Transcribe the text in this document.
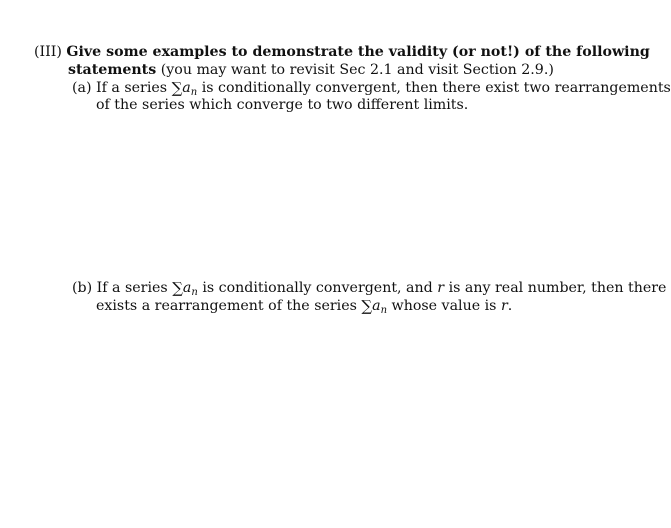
(III) Give some examples to demonstrate the validity (or not!) of the following
statements (you may want to revisit Sec 2.1 and visit Section 2.9.)
(a) If a series $\sum a_n$ is conditionally convergent, then there exist two rearrangements
of the series which converge to two different limits.
(b) If a series $\sum a_n$ is conditionally convergent, and r is any real number, then there
exists a rearrangement of the series $\sum a_n$ whose value is r.
